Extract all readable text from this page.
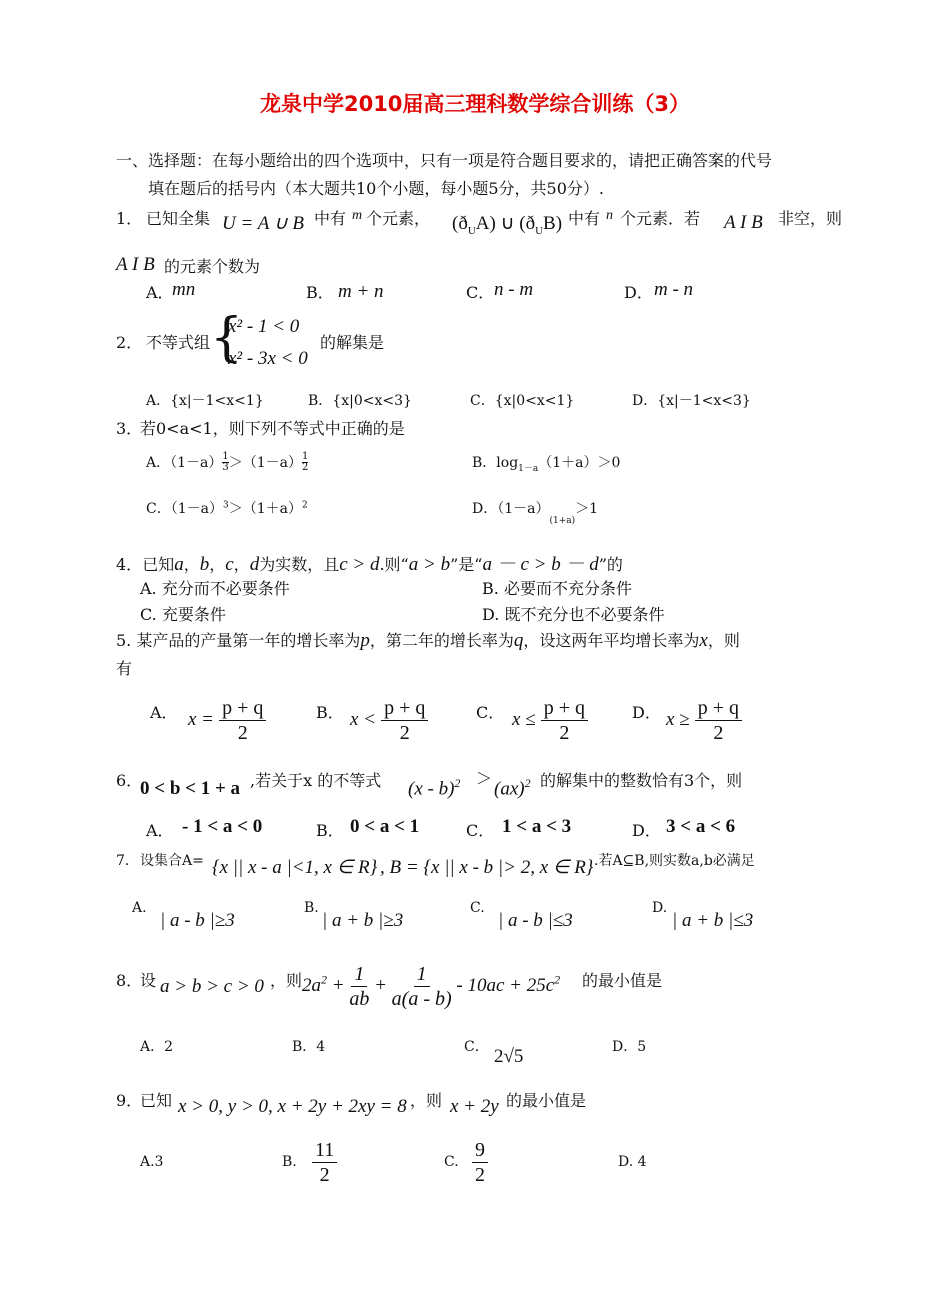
龙泉中学2010届高三理科数学综合训练（3）
一、选择题：在每小题给出的四个选项中，只有一项是符合题目要求的，请把正确答案的代号
填在题后的括号内（本大题共10个小题，每小题5分，共50分）.
1． 已知全集 U = A ∪ B 中有 m 个元素， $(ð_UA)$ ∪ $(ð_UB)$ 中有 n 个元素．若 A I B 非空，则
A I B 的元素个数为
A．
mn	B． m + n	C． n - m	D． m - n
2． 不等式组 {
x² - 1 < 0
x² - 3x < 0
的解集是
A．{x|－1<x<1}	B．{x|0<x<3}	C．{x|0<x<1}	D．{x|－1<x<3}
3．
若0<a<1，则下列不等式中正确的是
A．$(1-a) \frac{1}{3} >(1-a) \frac{1}{2}$	B．$\log_{1-a}(1+a)>0$
C．$(1-a)^3>(1+a)^2$	D．$(1-a)_{(1+a)}>1$
4．已知a，b，c，d为实数，且c > d.则“a > b”是“a － c > b － d”的
A. 充分而不必要条件	B. 必要而不充分条件
C. 充要条件	D. 既不充分也不必要条件
5. 某产品的产量第一年的增长率为p，第二年的增长率为q，设这两年平均增长率为x，则
有
A． $x = \frac{p + q}{2}$	B． $x < \frac{p + q}{2}$	C． $x \le \frac{p + q}{2}$	D． $x \ge \frac{p + q}{2}$
6．
0 < b < 1 + a ,若关于x 的不等式 (x - b)$^2$ ＞ (ax)$^2$ 的解集中的整数恰有3个，则
A． - 1 < a < 0	B． 0 < a < 1	C． 1 < a < 3	D． 3 < a < 6
7． 设集合A= {x || x - a |<1, x ∈ R} , B = {x || x - b |> 2, x ∈ R} .若A⊆B,则实数a,b必满足
A.
| a - b |≥3
B.
| a + b |≥3
C.
| a - b |≤3
D.
| a + b |≤3
8．
设 a > b > c > 0 ，则 $2a^2 + \frac{1}{ab} + \frac{1}{a(a - b)} - 10ac + 25c^2$ 的最小值是
A．2	B．4	C． 2√5	D．5
9．
已知 x > 0, y > 0, x + 2y + 2xy = 8 ，则 x + 2y 的最小值是
A.3	B. $\frac{11}{2}$	C. $\frac{9}{2}$	D. 4
